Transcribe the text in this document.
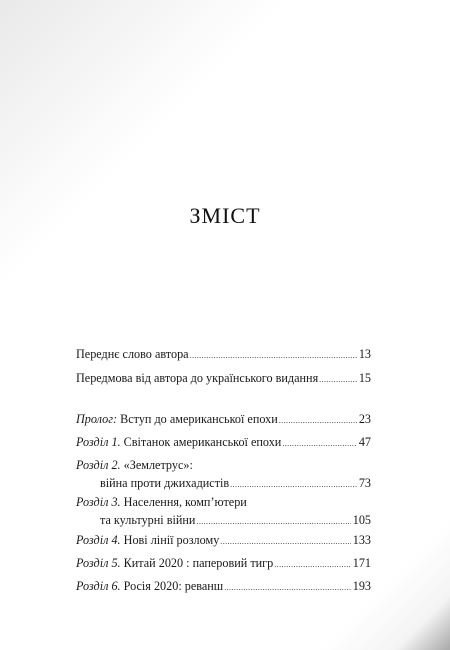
ЗМІСТ
Переднє слово автора .....	13
Передмова від автора до українського видання .....	15
Пролог: Вступ до американської епохи .....	23
Розділ 1. Світанок американської епохи .....	47
Розділ 2. «Землетрус»:
війна проти джихадистів .....	73
Розділ 3. Населення, комп’ютери
та культурні війни .....	105
Розділ 4. Нові лінії розлому .....	133
Розділ 5. Китай 2020 : паперовий тигр .....	171
Розділ 6. Росія 2020: реванш .....	193
